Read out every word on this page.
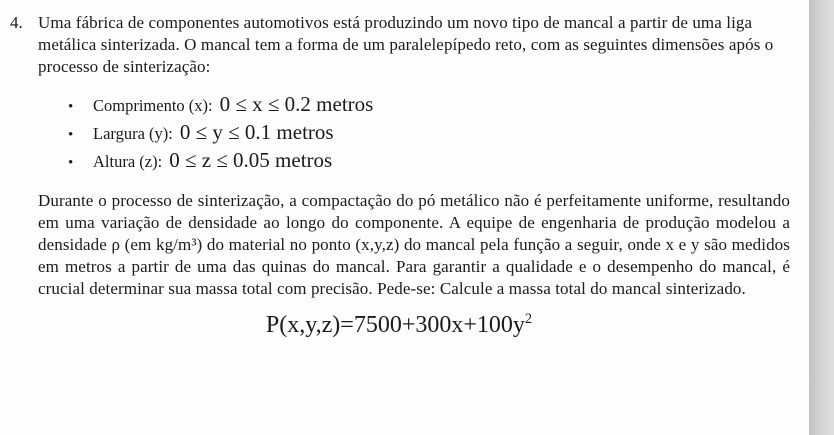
4. Uma fábrica de componentes automotivos está produzindo um novo tipo de mancal a partir de uma liga metálica sinterizada. O mancal tem a forma de um paralelepípedo reto, com as seguintes dimensões após o processo de sinterização:

•	Comprimento (x): 0 ≤ x ≤ 0.2 metros
•	Largura (y): 0 ≤ y ≤ 0.1 metros
•	Altura (z): 0 ≤ z ≤ 0.05 metros

Durante o processo de sinterização, a compactação do pó metálico não é perfeitamente uniforme, resultando em uma variação de densidade ao longo do componente. A equipe de engenharia de produção modelou a densidade ρ (em kg/m³) do material no ponto (x,y,z) do mancal pela função a seguir, onde x e y são medidos em metros a partir de uma das quinas do mancal. Para garantir a qualidade e o desempenho do mancal, é crucial determinar sua massa total com precisão. Pede-se: Calcule a massa total do mancal sinterizado.

$P(x,y,z)=7500+300x+100y^2$
